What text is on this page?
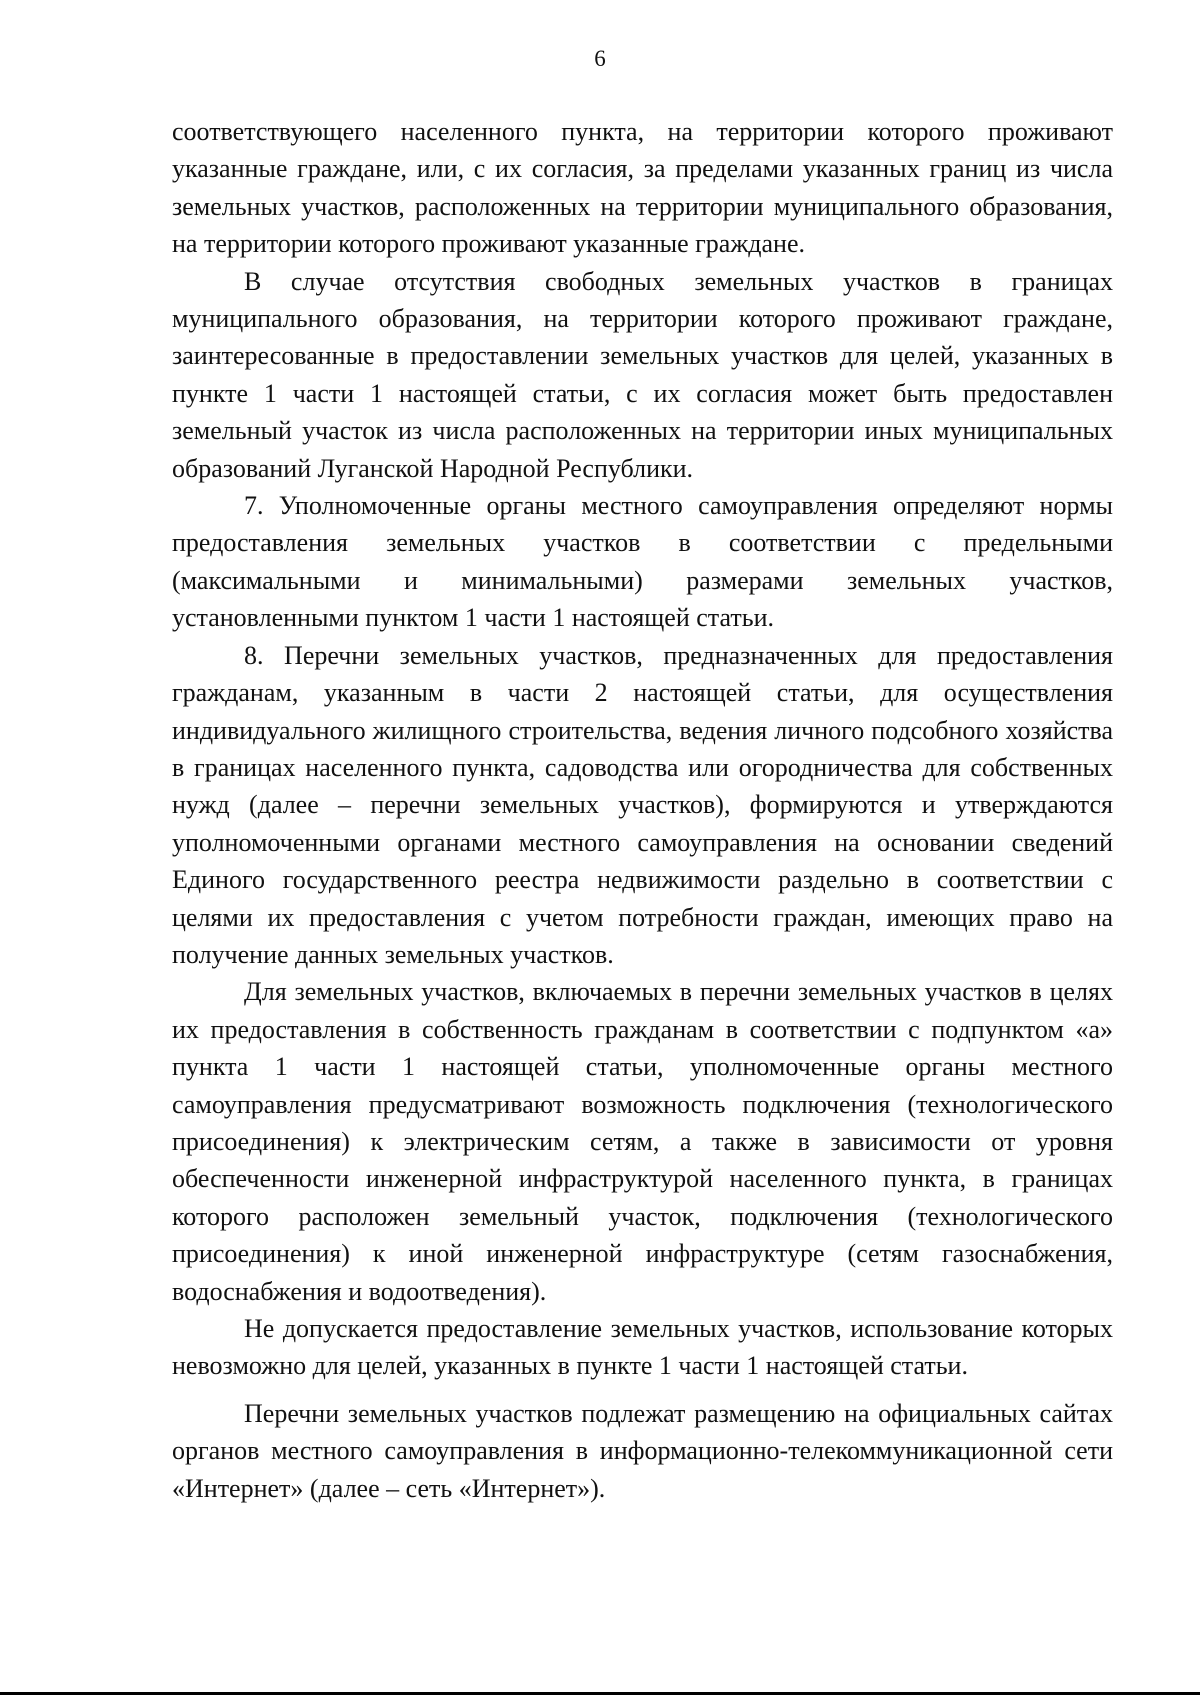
6

соответствующего населенного пункта, на территории которого проживают указанные граждане, или, с их согласия, за пределами указанных границ из числа земельных участков, расположенных на территории муниципального образования, на территории которого проживают указанные граждане.

В случае отсутствия свободных земельных участков в границах муниципального образования, на территории которого проживают граждане, заинтересованные в предоставлении земельных участков для целей, указанных в пункте 1 части 1 настоящей статьи, с их согласия может быть предоставлен земельный участок из числа расположенных на территории иных муниципальных образований Луганской Народной Республики.

7. Уполномоченные органы местного самоуправления определяют нормы предоставления земельных участков в соответствии с предельными (максимальными и минимальными) размерами земельных участков, установленными пунктом 1 части 1 настоящей статьи.

8. Перечни земельных участков, предназначенных для предоставления гражданам, указанным в части 2 настоящей статьи, для осуществления индивидуального жилищного строительства, ведения личного подсобного хозяйства в границах населенного пункта, садоводства или огородничества для собственных нужд (далее – перечни земельных участков), формируются и утверждаются уполномоченными органами местного самоуправления на основании сведений Единого государственного реестра недвижимости раздельно в соответствии с целями их предоставления с учетом потребности граждан, имеющих право на получение данных земельных участков.

Для земельных участков, включаемых в перечни земельных участков в целях их предоставления в собственность гражданам в соответствии с подпунктом «а» пункта 1 части 1 настоящей статьи, уполномоченные органы местного самоуправления предусматривают возможность подключения (технологического присоединения) к электрическим сетям, а также в зависимости от уровня обеспеченности инженерной инфраструктурой населенного пункта, в границах которого расположен земельный участок, подключения (технологического присоединения) к иной инженерной инфраструктуре (сетям газоснабжения, водоснабжения и водоотведения).

Не допускается предоставление земельных участков, использование которых невозможно для целей, указанных в пункте 1 части 1 настоящей статьи.

Перечни земельных участков подлежат размещению на официальных сайтах органов местного самоуправления в информационно-телекоммуникационной сети «Интернет» (далее – сеть «Интернет»).
